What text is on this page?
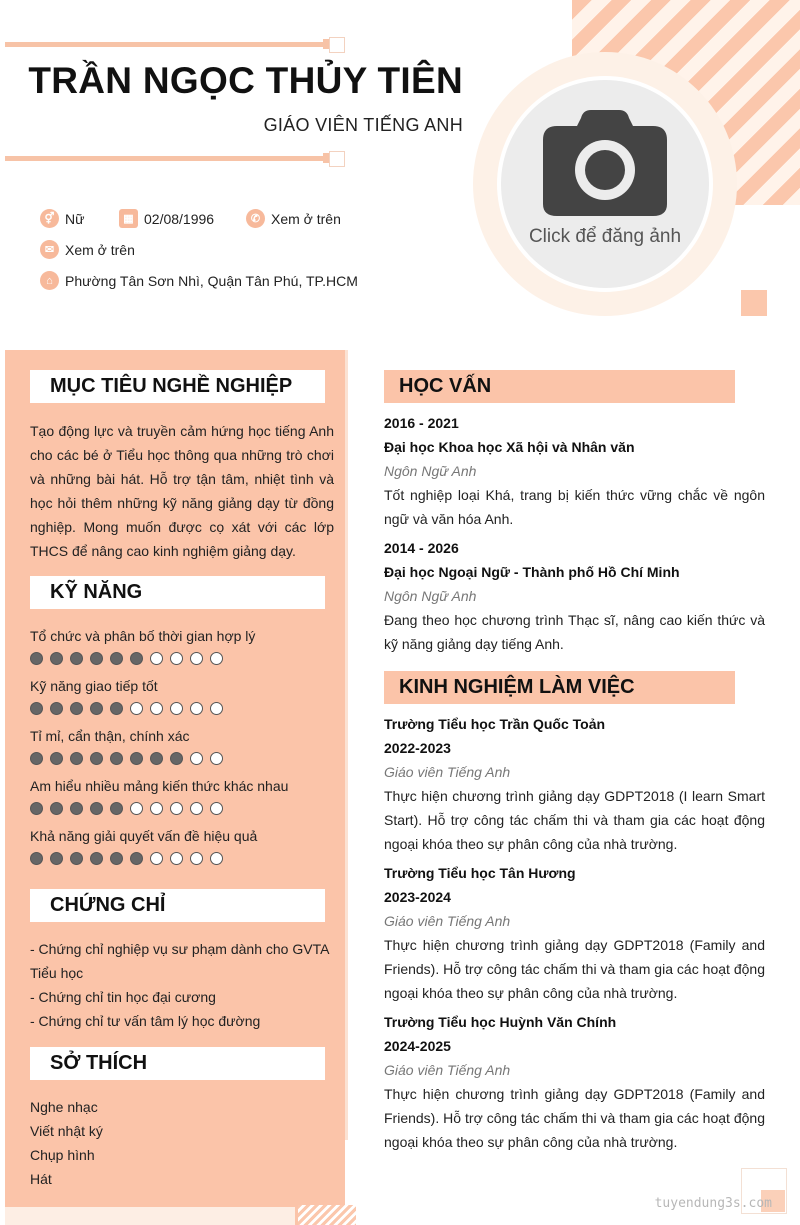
TRẦN NGỌC THỦY TIÊN
GIÁO VIÊN TIẾNG ANH
Click để đăng ảnh
⚥ Nữ	▦ 02/08/1996	✆ Xem ở trên
✉ Xem ở trên
⌂ Phường Tân Sơn Nhì, Quận Tân Phú, TP.HCM
MỤC TIÊU NGHỀ NGHIỆP
Tạo động lực và truyền cảm hứng học tiếng Anh cho các bé ở Tiểu học thông qua những trò chơi và những bài hát. Hỗ trợ tận tâm, nhiệt tình và học hỏi thêm những kỹ năng giảng dạy từ đồng nghiệp. Mong muốn được cọ xát với các lớp THCS để nâng cao kinh nghiệm giảng dạy.
KỸ NĂNG
Tổ chức và phân bố thời gian hợp lý
Kỹ năng giao tiếp tốt
Tỉ mỉ, cẩn thận, chính xác
Am hiểu nhiều mảng kiến thức khác nhau
Khả năng giải quyết vấn đề hiệu quả
CHỨNG CHỈ
- Chứng chỉ nghiệp vụ sư phạm dành cho GVTA
Tiểu học
- Chứng chỉ tin học đại cương
- Chứng chỉ tư vấn tâm lý học đường
SỞ THÍCH
Nghe nhạc
Viết nhật ký
Chụp hình
Hát
HỌC VẤN
2016 - 2021
Đại học Khoa học Xã hội và Nhân văn
Ngôn Ngữ Anh
Tốt nghiệp loại Khá, trang bị kiến thức vững chắc về ngôn ngữ và văn hóa Anh.
2014 - 2026
Đại học Ngoại Ngữ - Thành phố Hồ Chí Minh
Ngôn Ngữ Anh
Đang theo học chương trình Thạc sĩ, nâng cao kiến thức và kỹ năng giảng dạy tiếng Anh.
KINH NGHIỆM LÀM VIỆC
Trường Tiểu học Trần Quốc Toản
2022-2023
Giáo viên Tiếng Anh
Thực hiện chương trình giảng dạy GDPT2018 (I learn Smart Start). Hỗ trợ công tác chấm thi và tham gia các hoạt động ngoại khóa theo sự phân công của nhà trường.
Trường Tiểu học Tân Hương
2023-2024
Giáo viên Tiếng Anh
Thực hiện chương trình giảng dạy GDPT2018 (Family and Friends). Hỗ trợ công tác chấm thi và tham gia các hoạt động ngoại khóa theo sự phân công của nhà trường.
Trường Tiểu học Huỳnh Văn Chính
2024-2025
Giáo viên Tiếng Anh
Thực hiện chương trình giảng dạy GDPT2018 (Family and Friends). Hỗ trợ công tác chấm thi và tham gia các hoạt động ngoại khóa theo sự phân công của nhà trường.
tuyendung3s.com
